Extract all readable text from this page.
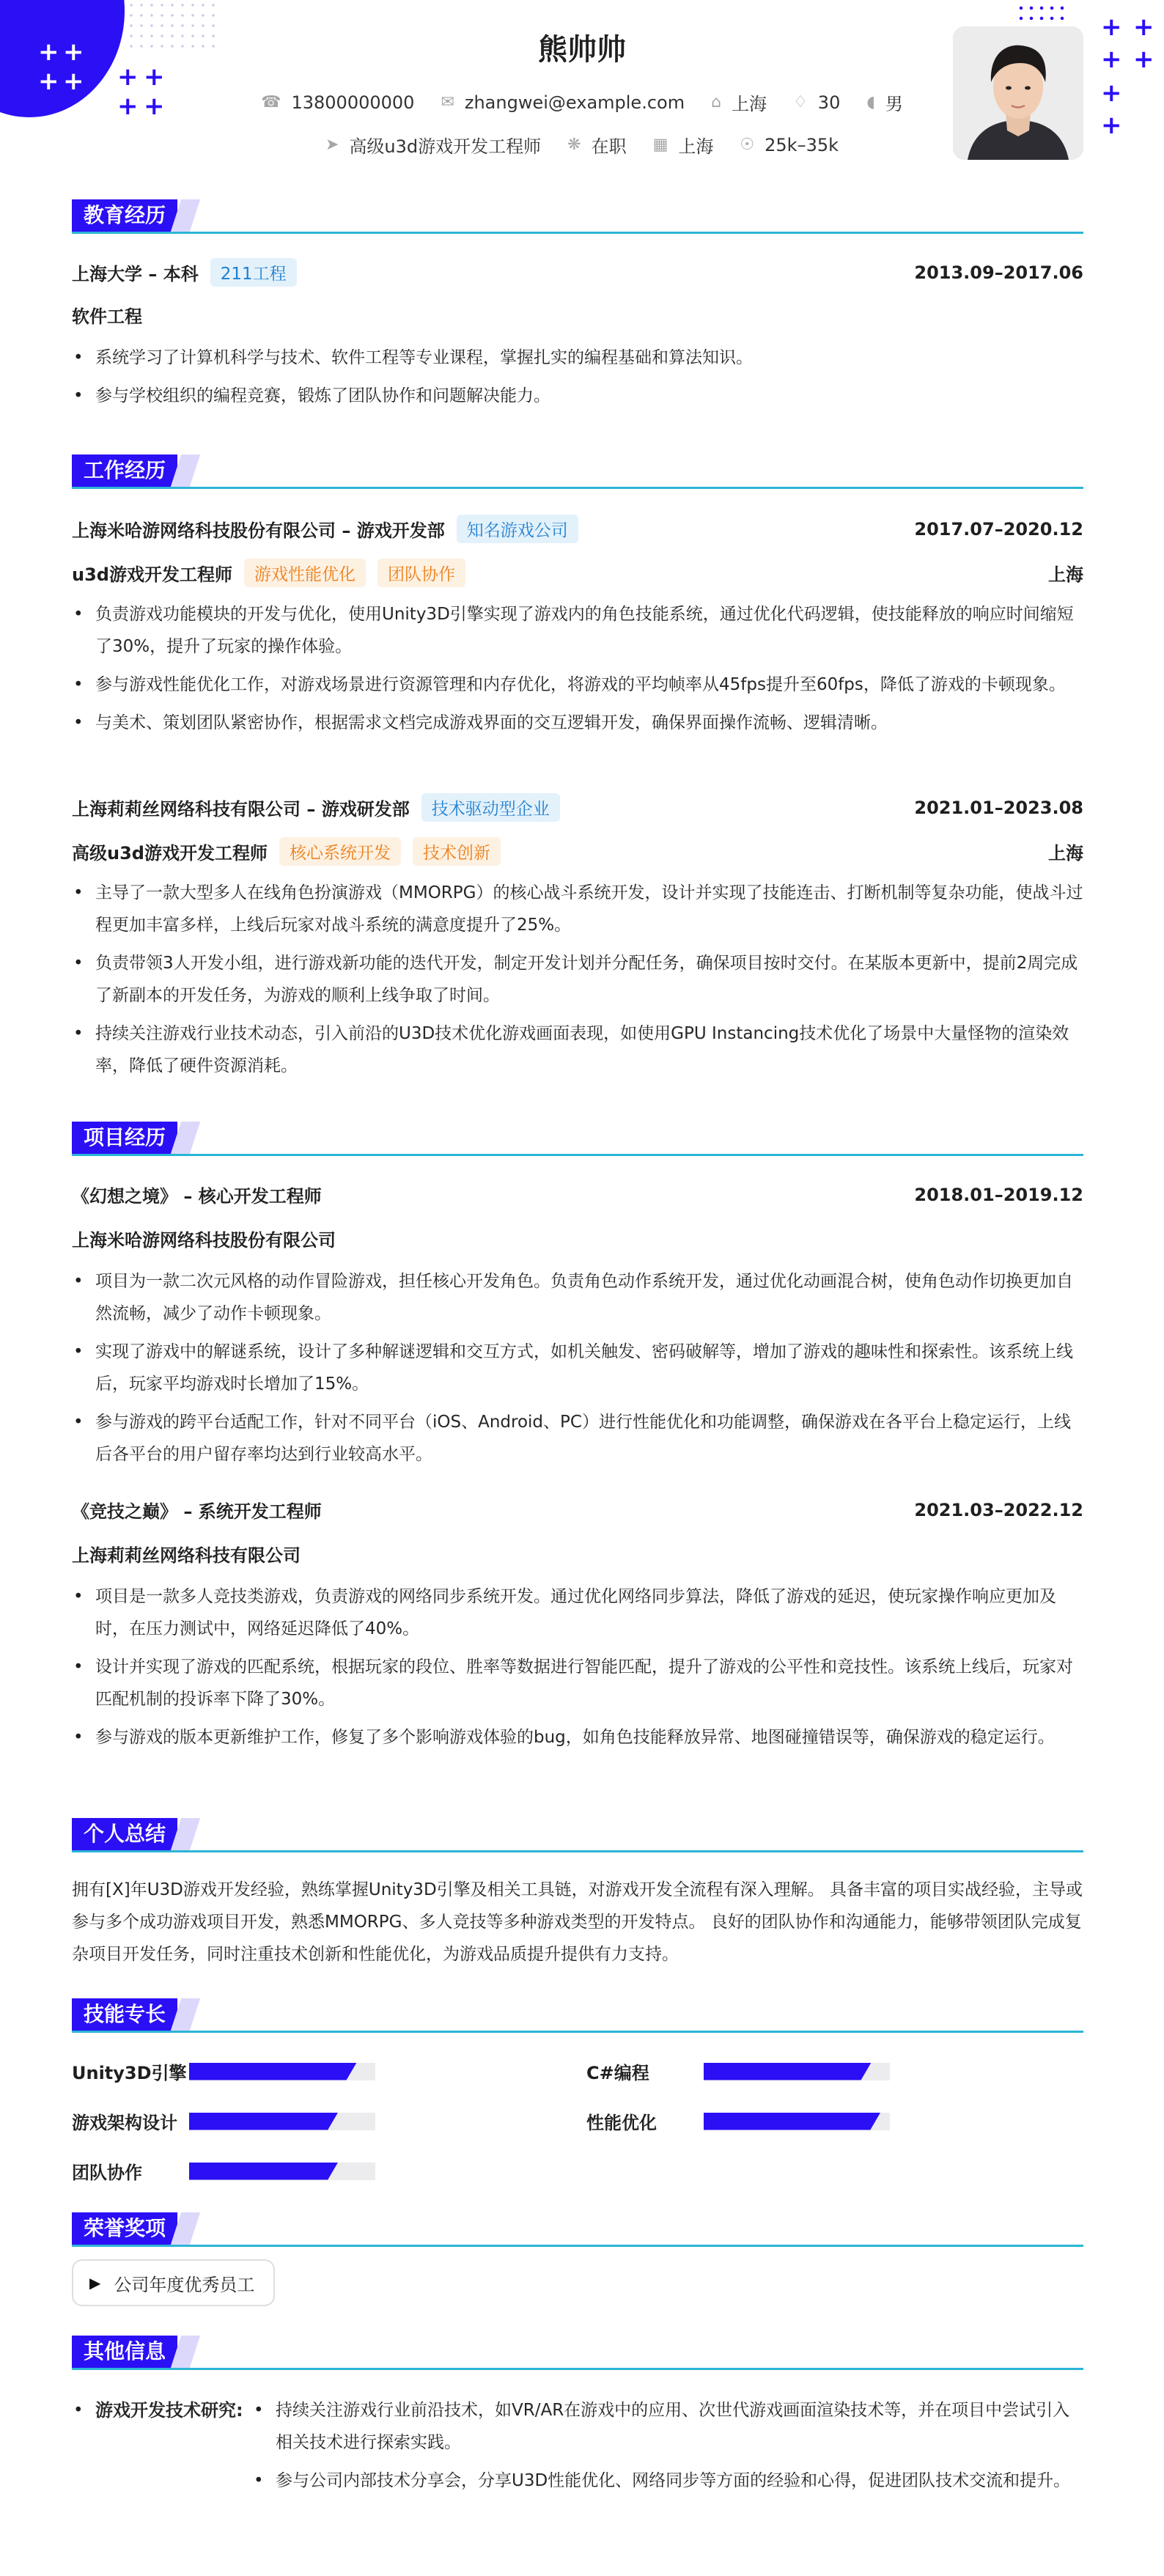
+ +
+ + + +
+ +
+ +
+ +
+
+
熊帅帅
☎ 13800000000 ✉ zhangwei@example.com ⌂ 上海 ♢ 30 ◖ 男
➤ 高级u3d游戏开发工程师 ❋ 在职 ▦ 上海 ☉ 25k–35k
教育经历
上海大学 – 本科	211工程	2013.09–2017.06
软件工程
• 系统学习了计算机科学与技术、软件工程等专业课程，掌握扎实的编程基础和算法知识。
• 参与学校组织的编程竞赛，锻炼了团队协作和问题解决能力。
工作经历
上海米哈游网络科技股份有限公司 – 游戏开发部	知名游戏公司	2017.07–2020.12
u3d游戏开发工程师	游戏性能优化	团队协作	上海
• 负责游戏功能模块的开发与优化，使用Unity3D引擎实现了游戏内的角色技能系统，通过优化代码逻辑，使技能释放的响应时间缩短了30%，提升了玩家的操作体验。
• 参与游戏性能优化工作，对游戏场景进行资源管理和内存优化，将游戏的平均帧率从45fps提升至60fps，降低了游戏的卡顿现象。
• 与美术、策划团队紧密协作，根据需求文档完成游戏界面的交互逻辑开发，确保界面操作流畅、逻辑清晰。
上海莉莉丝网络科技有限公司 – 游戏研发部	技术驱动型企业	2021.01–2023.08
高级u3d游戏开发工程师	核心系统开发	技术创新	上海
• 主导了一款大型多人在线角色扮演游戏（MMORPG）的核心战斗系统开发，设计并实现了技能连击、打断机制等复杂功能，使战斗过程更加丰富多样，上线后玩家对战斗系统的满意度提升了25%。
• 负责带领3人开发小组，进行游戏新功能的迭代开发，制定开发计划并分配任务，确保项目按时交付。在某版本更新中，提前2周完成了新副本的开发任务，为游戏的顺利上线争取了时间。
• 持续关注游戏行业技术动态，引入前沿的U3D技术优化游戏画面表现，如使用GPU Instancing技术优化了场景中大量怪物的渲染效率，降低了硬件资源消耗。
项目经历
《幻想之境》 – 核心开发工程师	2018.01–2019.12
上海米哈游网络科技股份有限公司
• 项目为一款二次元风格的动作冒险游戏，担任核心开发角色。负责角色动作系统开发，通过优化动画混合树，使角色动作切换更加自然流畅，减少了动作卡顿现象。
• 实现了游戏中的解谜系统，设计了多种解谜逻辑和交互方式，如机关触发、密码破解等，增加了游戏的趣味性和探索性。该系统上线后，玩家平均游戏时长增加了15%。
• 参与游戏的跨平台适配工作，针对不同平台（iOS、Android、PC）进行性能优化和功能调整，确保游戏在各平台上稳定运行，上线后各平台的用户留存率均达到行业较高水平。
《竞技之巅》 – 系统开发工程师	2021.03–2022.12
上海莉莉丝网络科技有限公司
• 项目是一款多人竞技类游戏，负责游戏的网络同步系统开发。通过优化网络同步算法，降低了游戏的延迟，使玩家操作响应更加及时，在压力测试中，网络延迟降低了40%。
• 设计并实现了游戏的匹配系统，根据玩家的段位、胜率等数据进行智能匹配，提升了游戏的公平性和竞技性。该系统上线后，玩家对匹配机制的投诉率下降了30%。
• 参与游戏的版本更新维护工作，修复了多个影响游戏体验的bug，如角色技能释放异常、地图碰撞错误等，确保游戏的稳定运行。
个人总结
拥有[X]年U3D游戏开发经验，熟练掌握Unity3D引擎及相关工具链，对游戏开发全流程有深入理解。 具备丰富的项目实战经验，主导或参与多个成功游戏项目开发，熟悉MMORPG、多人竞技等多种游戏类型的开发特点。 良好的团队协作和沟通能力，能够带领团队完成复杂项目开发任务，同时注重技术创新和性能优化，为游戏品质提升提供有力支持。
技能专长
Unity3D引擎	C#编程
游戏架构设计	性能优化
团队协作
荣誉奖项
▶ 公司年度优秀员工
其他信息
• 游戏开发技术研究:
•	持续关注游戏行业前沿技术，如VR/AR在游戏中的应用、次世代游戏画面渲染技术等，并在项目中尝试引入相关技术进行探索实践。
• 参与公司内部技术分享会，分享U3D性能优化、网络同步等方面的经验和心得，促进团队技术交流和提升。
